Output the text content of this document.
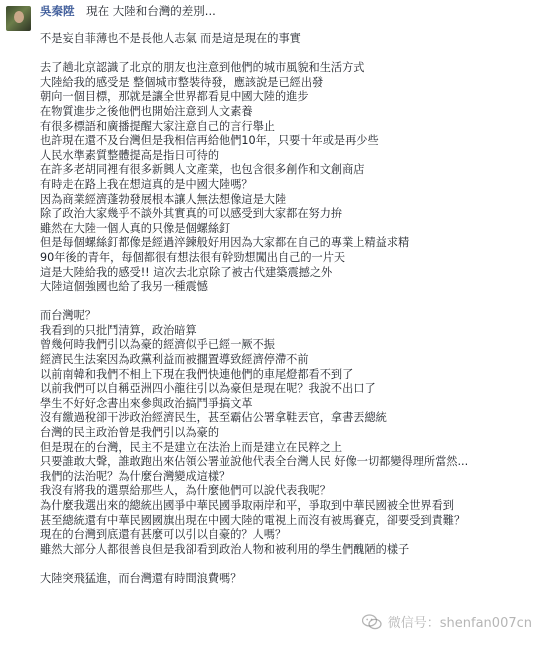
吳秦陞 現在 大陸和台灣的差別...
不是妄自菲薄也不是長他人志氣 而是這是現在的事實
去了趟北京認識了北京的朋友也注意到他們的城市風貌和生活方式
大陸給我的感受是 整個城市整裝待發，應該說是已經出發
朝向一個目標，那就是讓全世界都看見中國大陸的進步
在物質進步之後他們也開始注意到人文素養
有很多標語和廣播提醒大家注意自己的言行舉止
也許現在還不及台灣但是我相信再給他們10年，只要十年或是再少些
人民水準素質整體提高是指日可待的
在許多老胡同裡有很多新興人文產業，也包含很多創作和文創商店
有時走在路上我在想這真的是中國大陸嗎？
因為商業經濟蓬勃發展根本讓人無法想像這是大陸
除了政治大家幾乎不談外其實真的可以感受到大家都在努力拚
雖然在大陸一個人真的只像是個螺絲釘
但是每個螺絲釘都像是經過淬鍊般好用因為大家都在自己的專業上精益求精
90年後的青年，每個都很有想法很有幹勁想闖出自己的一片天
這是大陸給我的感受!! 這次去北京除了被古代建築震撼之外
大陸這個強國也給了我另一種震憾
而台灣呢？
我看到的只批鬥清算，政治暗算
曾幾何時我們引以為豪的經濟似乎已經一厥不振
經濟民生法案因為政黨利益而被擱置導致經濟停滯不前
以前南韓和我們不相上下現在我們快連他們的車尾燈都看不到了
以前我們可以自稱亞洲四小龍往引以為豪但是現在呢？我說不出口了
學生不好好念書出來參與政治搞鬥爭搞文革
沒有繳過稅卻干涉政治經濟民生，甚至霸佔公署拿鞋丟官，拿書丟總統
台灣的民主政治曾是我們引以為豪的
但是現在的台灣，民主不是建立在法治上而是建立在民粹之上
只要誰敢大聲，誰敢跑出來佔領公署並說他代表全台灣人民 好像一切都變得理所當然...
我們的法治呢？為什麼台灣變成這樣？
我沒有將我的選票給那些人，為什麼他們可以說代表我呢？
為什麼我選出來的總統出國爭中華民國爭取兩岸和平，爭取到中華民國被全世界看到
甚至總統還有中華民國國旗出現在中國大陸的電視上而沒有被馬賽克，卻要受到責難？
現在的台灣到底還有甚麼可以引以自豪的？人嗎？
雖然大部分人都很善良但是我卻看到政治人物和被利用的學生們醜陋的樣子
大陸突飛猛進，而台灣還有時間浪費嗎？
微信号：shenfan007cn
